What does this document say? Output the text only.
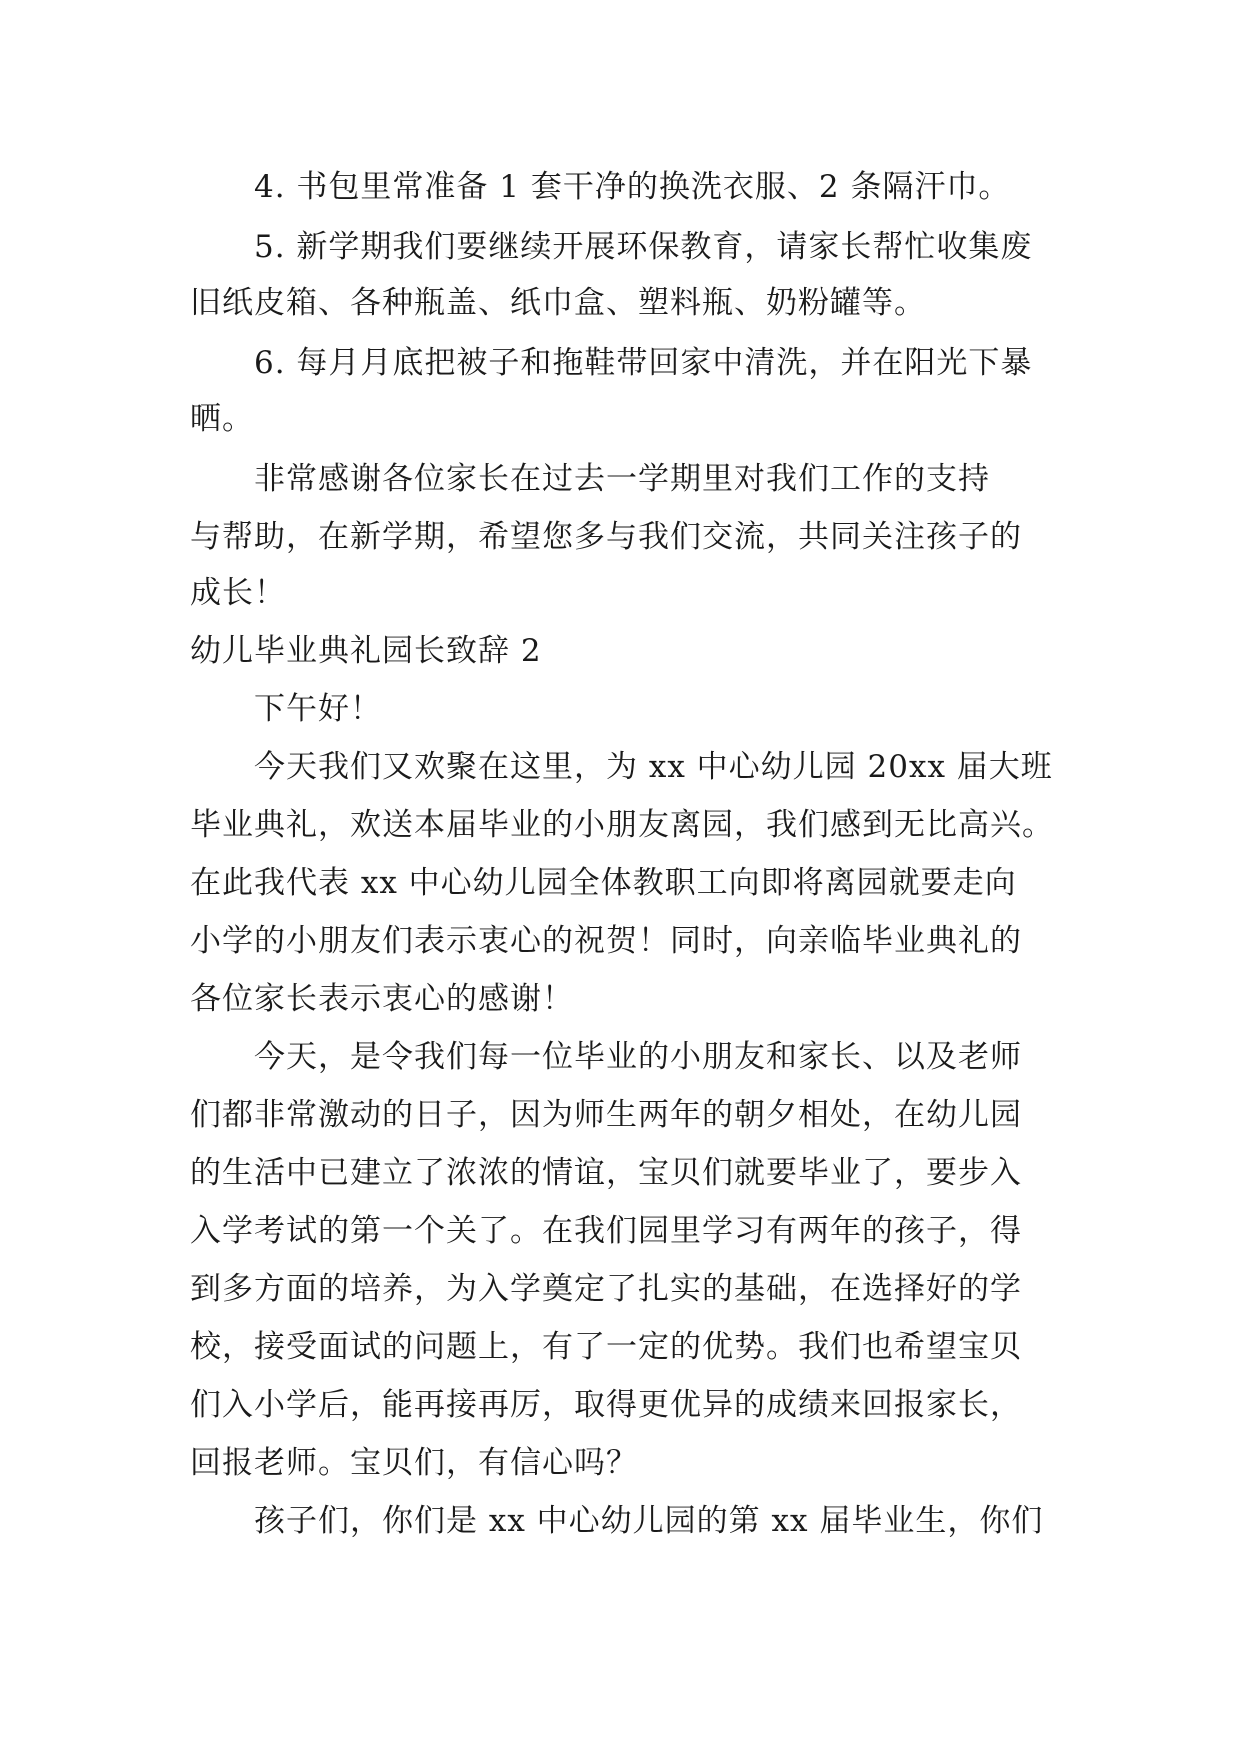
4. 书包里常准备 1 套干净的换洗衣服、2 条隔汗巾。
5. 新学期我们要继续开展环保教育，请家长帮忙收集废
旧纸皮箱、各种瓶盖、纸巾盒、塑料瓶、奶粉罐等。
6. 每月月底把被子和拖鞋带回家中清洗，并在阳光下暴
晒。
非常感谢各位家长在过去一学期里对我们工作的支持
与帮助，在新学期，希望您多与我们交流，共同关注孩子的
成长！
幼儿毕业典礼园长致辞 2
下午好！
今天我们又欢聚在这里，为 xx 中心幼儿园 20xx 届大班
毕业典礼，欢送本届毕业的小朋友离园，我们感到无比高兴。
在此我代表 xx 中心幼儿园全体教职工向即将离园就要走向
小学的小朋友们表示衷心的祝贺！同时，向亲临毕业典礼的
各位家长表示衷心的感谢！
今天，是令我们每一位毕业的小朋友和家长、以及老师
们都非常激动的日子，因为师生两年的朝夕相处，在幼儿园
的生活中已建立了浓浓的情谊，宝贝们就要毕业了，要步入
入学考试的第一个关了。在我们园里学习有两年的孩子，得
到多方面的培养，为入学奠定了扎实的基础，在选择好的学
校，接受面试的问题上，有了一定的优势。我们也希望宝贝
们入小学后，能再接再厉，取得更优异的成绩来回报家长，
回报老师。宝贝们，有信心吗？
孩子们，你们是 xx 中心幼儿园的第 xx 届毕业生，你们
